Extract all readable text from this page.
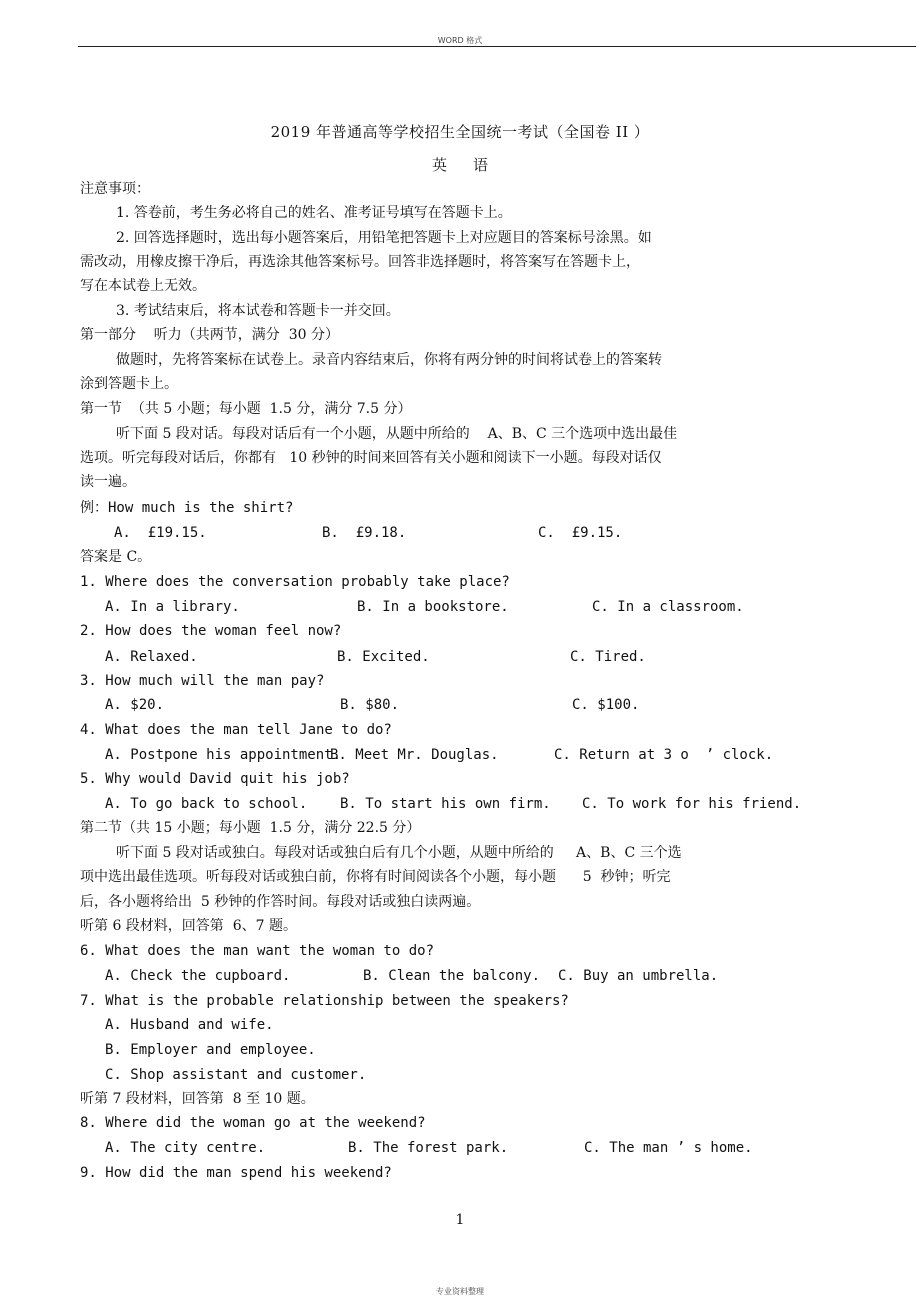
WORD 格式
2019 年普通高等学校招生全国统一考试（全国卷 II ）
英语
注意事项：
1. 答卷前，考生务必将自己的姓名、准考证号填写在答题卡上。
2. 回答选择题时，选出每小题答案后，用铅笔把答题卡上对应题目的答案标号涂黑。如
需改动，用橡皮擦干净后，再选涂其他答案标号。回答非选择题时，将答案写在答题卡上，
写在本试卷上无效。
3. 考试结束后，将本试卷和答题卡一并交回。
第一部分    听力（共两节，满分  30 分）
做题时，先将答案标在试卷上。录音内容结束后，你将有两分钟的时间将试卷上的答案转
涂到答题卡上。
第一节  （共 5 小题；每小题  1.5 分，满分 7.5 分）
听下面 5 段对话。每段对话后有一个小题，从题中所给的    A、B、C 三个选项中选出最佳
选项。听完每段对话后，你都有   10 秒钟的时间来回答有关小题和阅读下一小题。每段对话仅
读一遍。
例：How much is the shirt?
A.  £19.15.	B.  £9.18.	C.  £9.15.
答案是 C。
1. Where does the conversation probably take place?
A. In a library.	B. In a bookstore.	C. In a classroom.
2. How does the woman feel now?
A. Relaxed.	B. Excited.	C. Tired.
3. How much will the man pay?
A. $20.	B. $80.	C. $100.
4. What does the man tell Jane to do?
A. Postpone his appointment.
B. Meet Mr. Douglas.	C. Return at 3 o  ’ clock.
5. Why would David quit his job?
A. To go back to school. B. To start his own firm. C. To work for his friend.
第二节（共 15 小题；每小题  1.5 分，满分 22.5 分）
听下面 5 段对话或独白。每段对话或独白后有几个小题，从题中所给的     A、B、C 三个选
项中选出最佳选项。听每段对话或独白前，你将有时间阅读各个小题，每小题      5  秒钟；听完
后，各小题将给出  5 秒钟的作答时间。每段对话或独白读两遍。
听第 6 段材料，回答第  6、7 题。
6. What does the man want the woman to do?
A. Check the cupboard.	B. Clean the balcony. C. Buy an umbrella.
7. What is the probable relationship between the speakers?
A. Husband and wife.
B. Employer and employee.
C. Shop assistant and customer.
听第 7 段材料，回答第  8 至 10 题。
8. Where did the woman go at the weekend?
A. The city centre.	B. The forest park.	C. The man ’ s home.
9. How did the man spend his weekend?
1
专业资料整理
